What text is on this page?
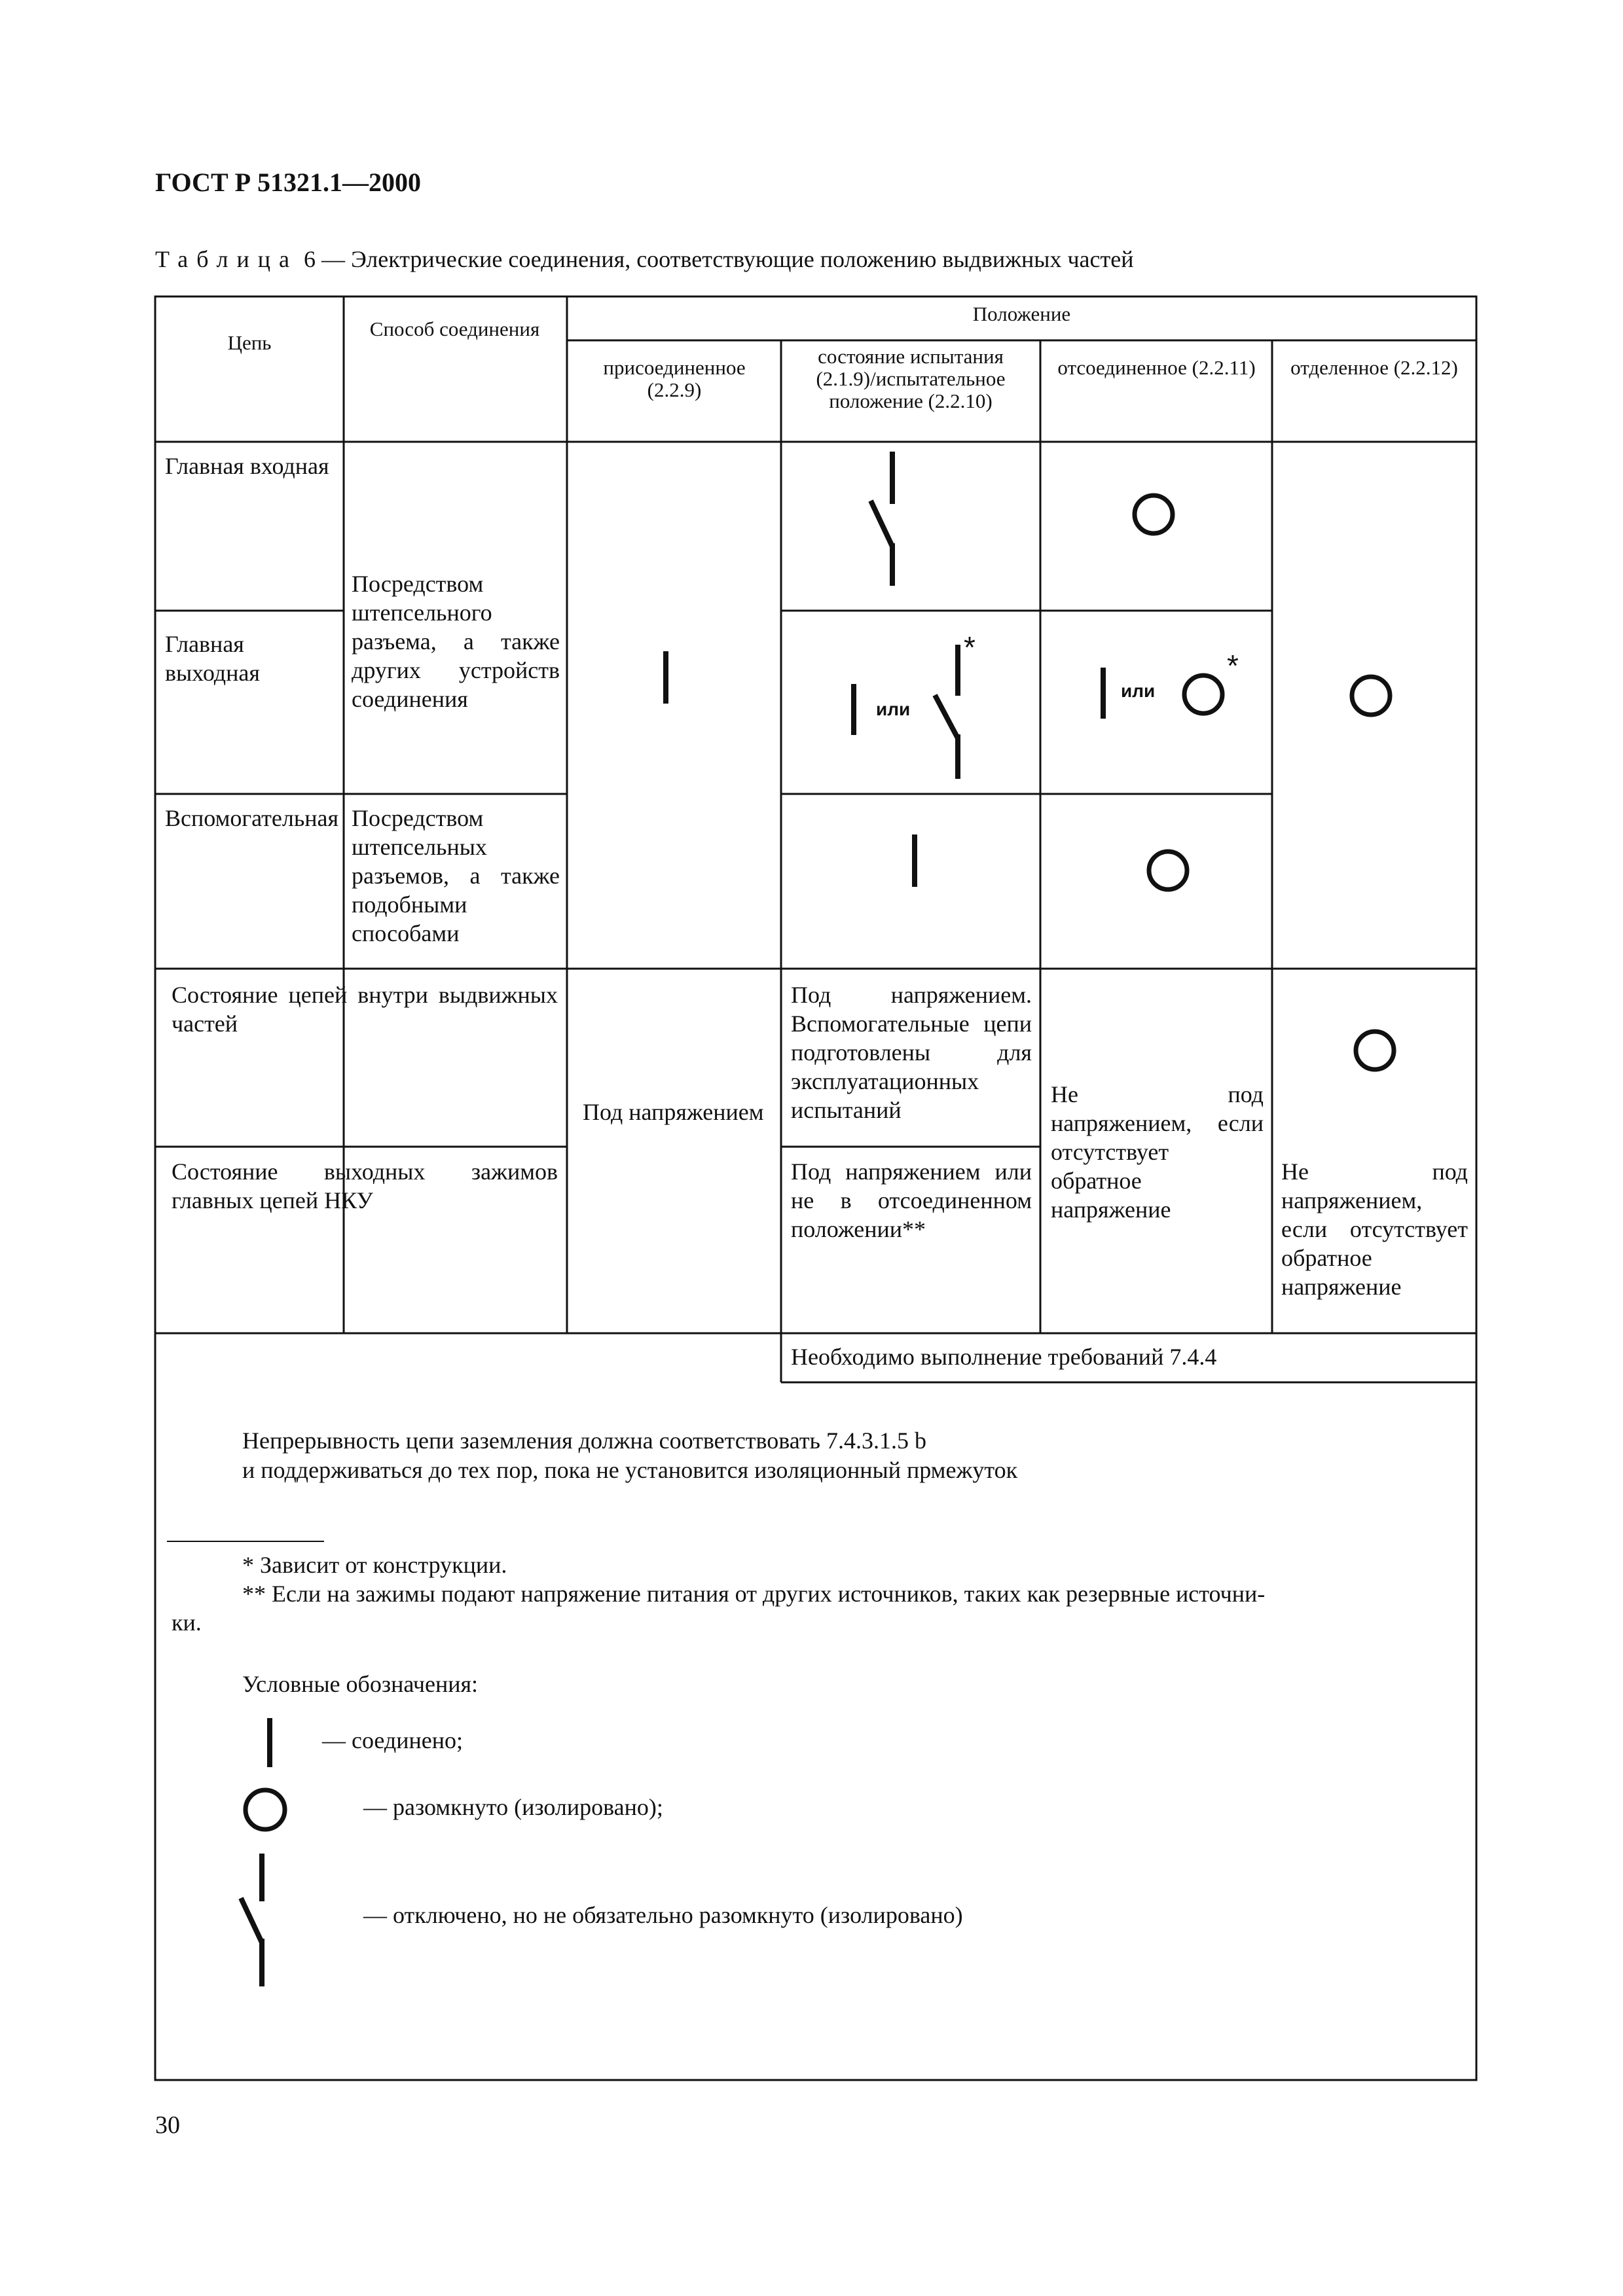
ГОСТ Р 51321.1—2000
Таблица 6 — Электрические соединения, соответствующие положению выдвижных частей
Цепь
Способ соединения
Положение
присоединенное (2.2.9)
состояние испытания (2.1.9)/испытательное положение (2.2.10)
отсоединенное (2.2.11)	отделенное (2.2.12)
Главная входная
Главная выходная
Вспомогательная
Посредством штепсельного разъема, а также других устройств соединения
Посредством штепсельных разъемов, а также подобными способами
или
*
или
*
Состояние цепей внутри выдвижных частей
Состояние выходных зажимов главных цепей НКУ
Под напряжением
Под напряжением. Вспомогательные цепи подготовлены для эксплуатационных испытаний
Под напряжением или не в отсоединенном положении**
Не под напряжением, если отсутствует обратное напряжение
Не под напряжением, если отсутствует обратное напряжение
Необходимо выполнение требований 7.4.4
Непрерывность цепи заземления должна соответствовать 7.4.3.1.5 b
и поддерживаться до тех пор, пока не установится изоляционный прмежуток
* Зависит от конструкции.
** Если на зажимы подают напряжение питания от других источников, таких как резервные источни-
ки.
Условные обозначения:
— соединено;
— разомкнуто (изолировано);
— отключено, но не обязательно разомкнуто (изолировано)
30
